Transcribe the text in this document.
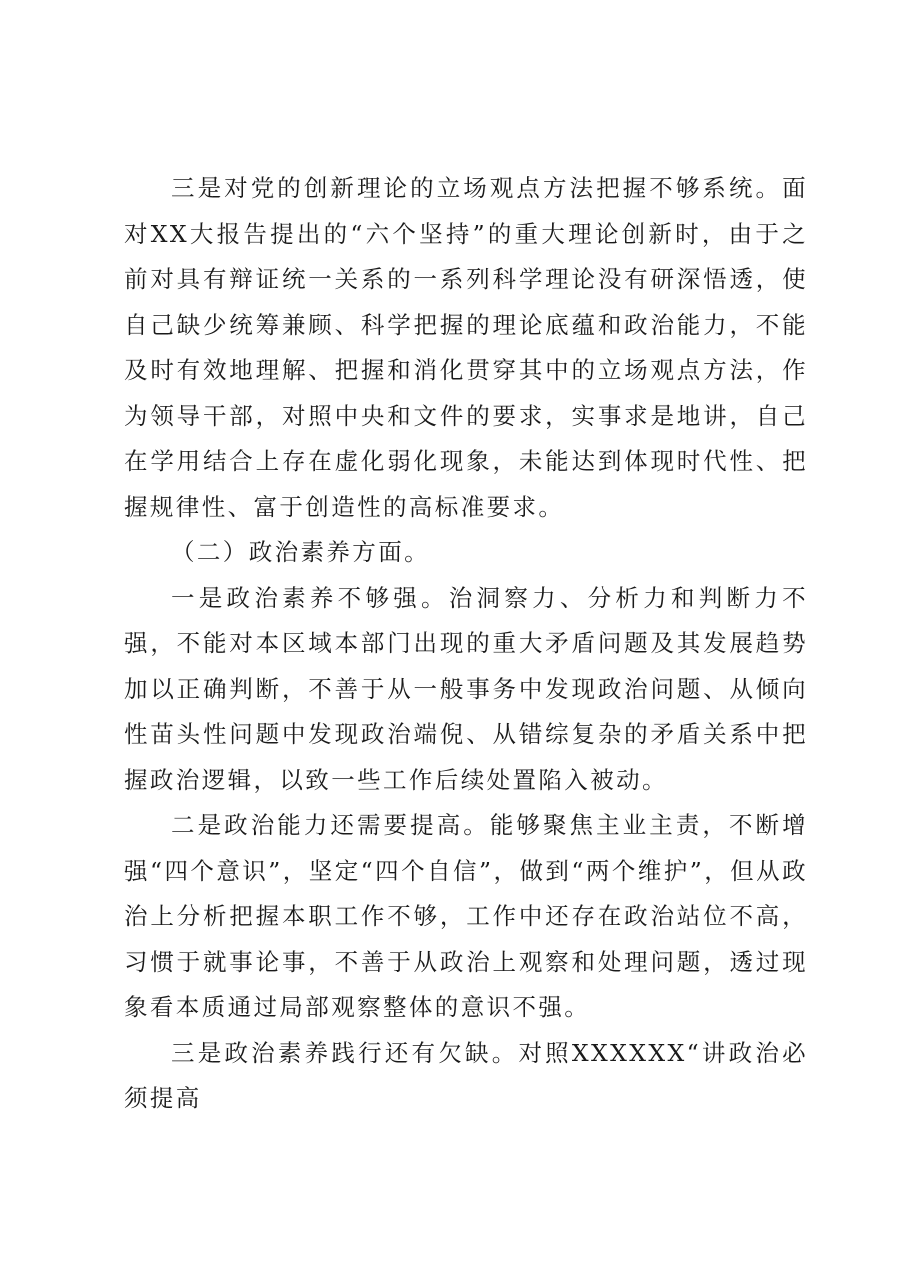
三是对党的创新理论的立场观点方法把握不够系统。面对XX大报告提出的“六个坚持”的重大理论创新时，由于之前对具有辩证统一关系的一系列科学理论没有研深悟透，使自己缺少统筹兼顾、科学把握的理论底蕴和政治能力，不能及时有效地理解、把握和消化贯穿其中的立场观点方法，作为领导干部，对照中央和文件的要求，实事求是地讲，自己在学用结合上存在虚化弱化现象，未能达到体现时代性、把握规律性、富于创造性的高标准要求。

（二）政治素养方面。

一是政治素养不够强。治洞察力、分析力和判断力不强，不能对本区域本部门出现的重大矛盾问题及其发展趋势加以正确判断，不善于从一般事务中发现政治问题、从倾向性苗头性问题中发现政治端倪、从错综复杂的矛盾关系中把握政治逻辑，以致一些工作后续处置陷入被动。

二是政治能力还需要提高。能够聚焦主业主责，不断增强“四个意识”，坚定“四个自信”，做到“两个维护”，但从政治上分析把握本职工作不够，工作中还存在政治站位不高，习惯于就事论事，不善于从政治上观察和处理问题，透过现象看本质通过局部观察整体的意识不强。

三是政治素养践行还有欠缺。对照XXXXXX“讲政治必须提高
